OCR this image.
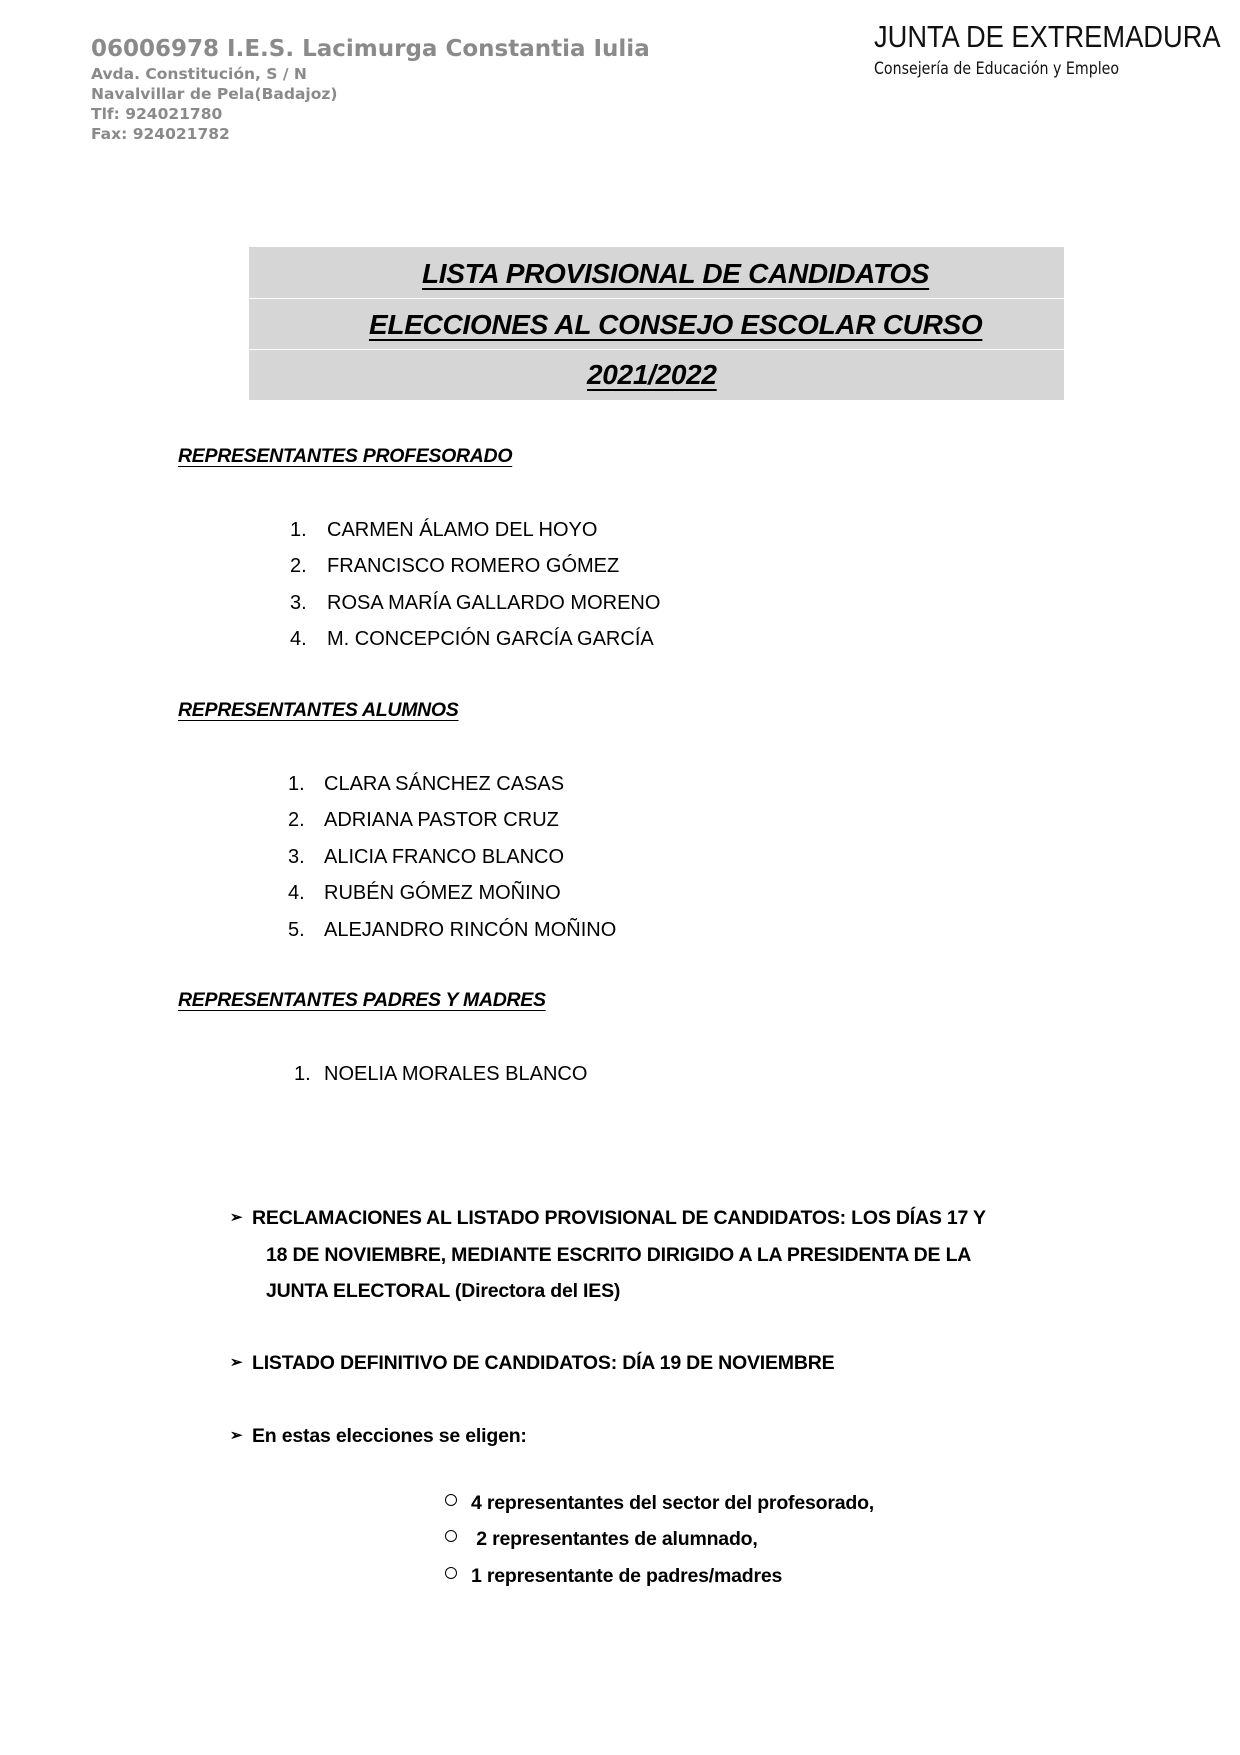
06006978 I.E.S. Lacimurga Constantia Iulia
Avda. Constitución, S / N
Navalvillar de Pela(Badajoz)
Tlf: 924021780
Fax: 924021782
JUNTA DE EXTREMADURA
Consejería de Educación y Empleo
LISTA PROVISIONAL DE CANDIDATOS
ELECCIONES AL CONSEJO ESCOLAR CURSO
2021/2022
REPRESENTANTES PROFESORADO
1. CARMEN ÁLAMO DEL HOYO
2. FRANCISCO ROMERO GÓMEZ
3. ROSA MARÍA GALLARDO MORENO
4. M. CONCEPCIÓN GARCÍA GARCÍA
REPRESENTANTES ALUMNOS
1. CLARA SÁNCHEZ CASAS
2. ADRIANA PASTOR CRUZ
3. ALICIA FRANCO BLANCO
4. RUBÉN GÓMEZ MOÑINO
5. ALEJANDRO RINCÓN MOÑINO
REPRESENTANTES PADRES Y MADRES
1. NOELIA MORALES BLANCO
➢ RECLAMACIONES AL LISTADO PROVISIONAL DE CANDIDATOS: LOS DÍAS 17 Y
18 DE NOVIEMBRE, MEDIANTE ESCRITO DIRIGIDO A LA PRESIDENTA DE LA
JUNTA ELECTORAL (Directora del IES)
➢ LISTADO DEFINITIVO DE CANDIDATOS: DÍA 19 DE NOVIEMBRE
➢ En estas elecciones se eligen:
4 representantes del sector del profesorado,
2 representantes de alumnado,
1 representante de padres/madres
